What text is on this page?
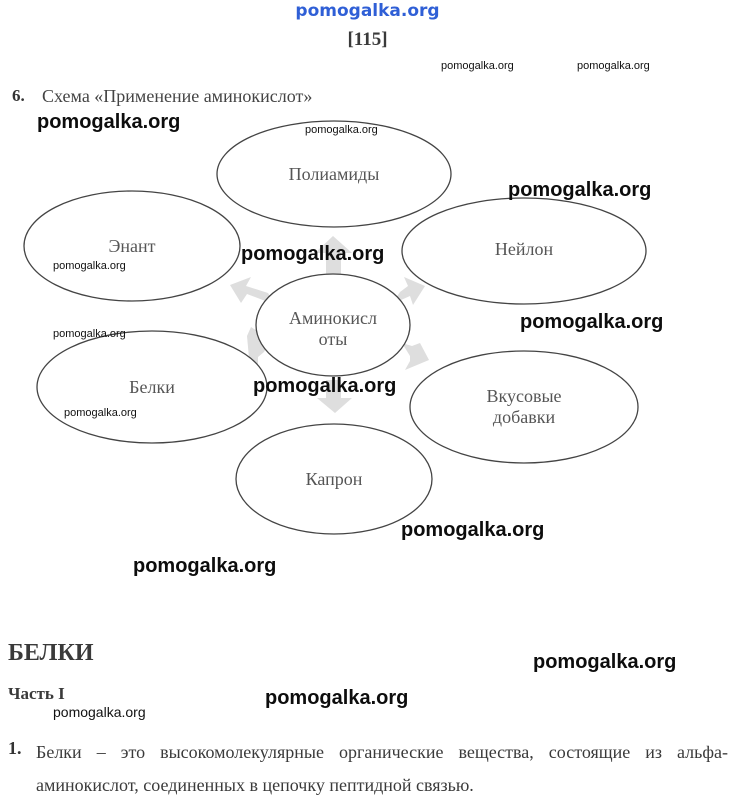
pomogalka.org
[115]
6. Схема «Применение аминокислот»
Полиамиды
Нейлон
Энант
Аминокисл
оты
Белки	Вкусовые
добавки
Капрон
pomogalka.org	pomogalka.org
pomogalka.org	pomogalka.org
pomogalka.org
pomogalka.org
pomogalka.org
pomogalka.org
pomogalka.org
pomogalka.org
pomogalka.org
pomogalka.org
pomogalka.org
pomogalka.org
pomogalka.org
БЕЛКИ
Часть I
pomogalka.org
1. Белки – это высокомолекулярные органические вещества, состоящие из альфа-аминокислот, соединенных в цепочку пептидной связью.
